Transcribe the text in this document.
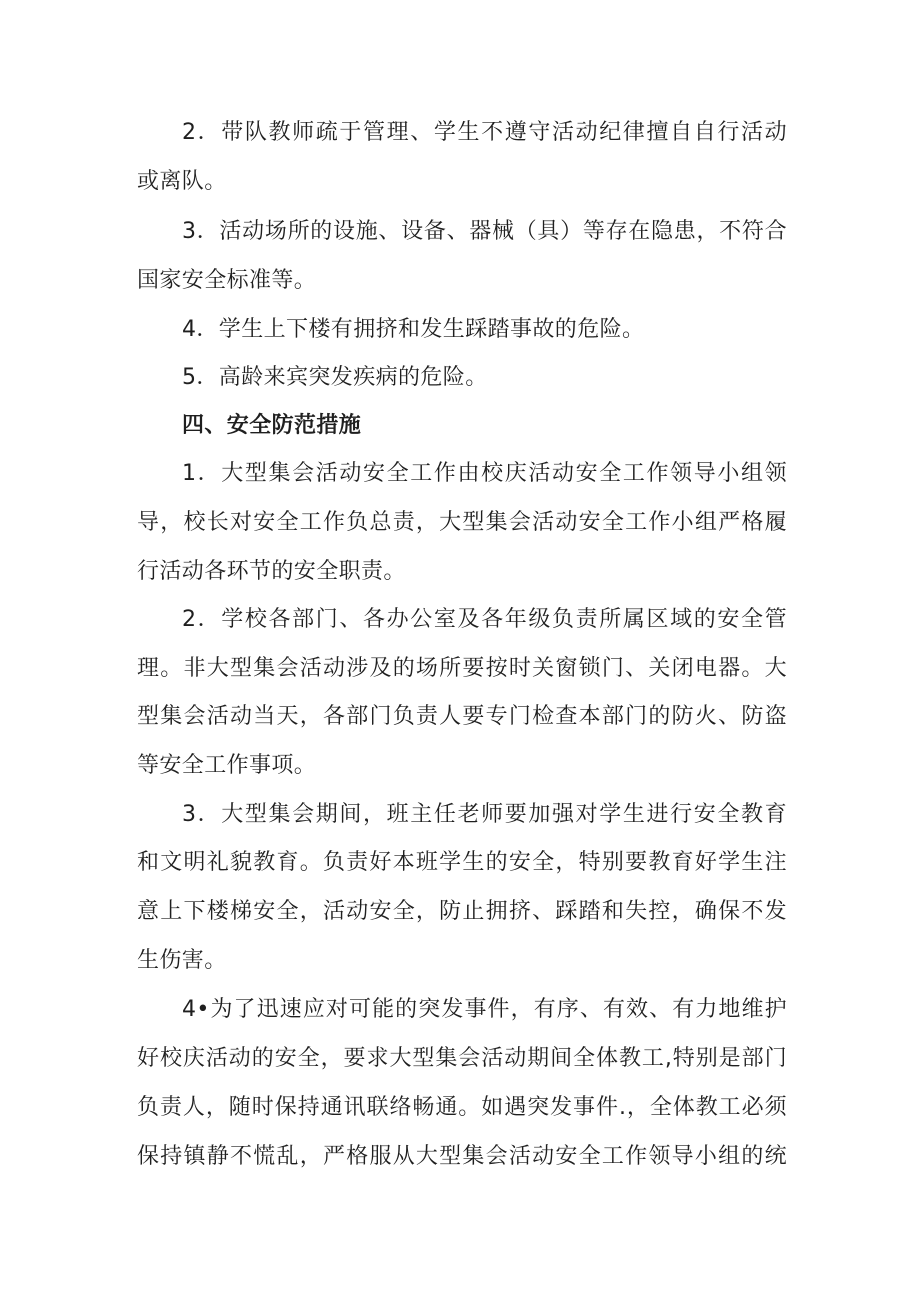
2．带队教师疏于管理、学生不遵守活动纪律擅自自行活动
或离队。
3．活动场所的设施、设备、器械（具）等存在隐患，不符合
国家安全标准等。
4．学生上下楼有拥挤和发生踩踏事故的危险。
5．高龄来宾突发疾病的危险。
四、安全防范措施
1．大型集会活动安全工作由校庆活动安全工作领导小组领
导，校长对安全工作负总责，大型集会活动安全工作小组严格履
行活动各环节的安全职责。
2．学校各部门、各办公室及各年级负责所属区域的安全管
理。非大型集会活动涉及的场所要按时关窗锁门、关闭电器。大
型集会活动当天，各部门负责人要专门检查本部门的防火、防盗
等安全工作事项。
3．大型集会期间，班主任老师要加强对学生进行安全教育
和文明礼貌教育。负责好本班学生的安全，特别要教育好学生注
意上下楼梯安全，活动安全，防止拥挤、踩踏和失控，确保不发
生伤害。
4•为了迅速应对可能的突发事件，有序、有效、有力地维护
好校庆活动的安全，要求大型集会活动期间全体教工,特别是部门
负责人，随时保持通讯联络畅通。如遇突发事件.，全体教工必须
保持镇静不慌乱，严格服从大型集会活动安全工作领导小组的统
